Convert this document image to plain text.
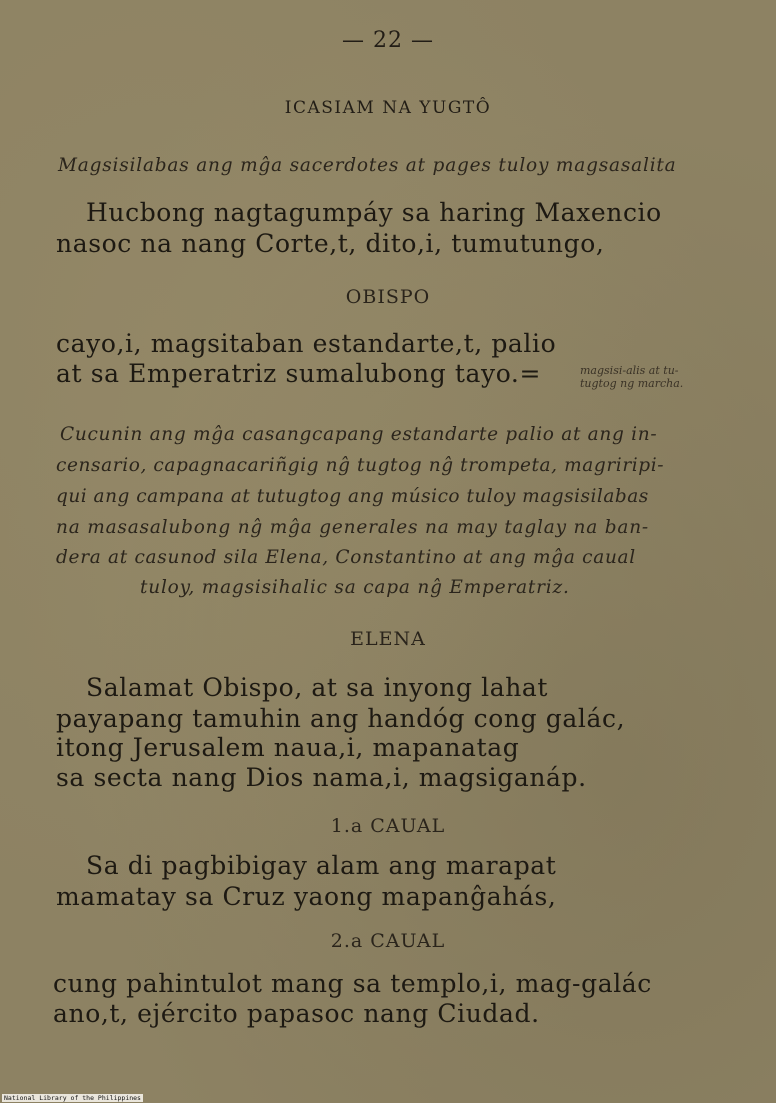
— 22 —
ICASIAM NA YUGTÔ
Magsisilabas ang mĝa sacerdotes at pages tuloy magsasalita
Hucbong nagtagumpáy sa haring Maxencio
nasoc na nang Corte,t, dito,i, tumutungo,
OBISPO
cayo,i, magsitaban estandarte,t, palio
at sa Emperatriz sumalubong tayo.=	magsisi-alis at tu-
tugtog ng marcha.
Cucunin ang mĝa casangcapang estandarte palio at ang in-
censario, capagnacariñgig nĝ tugtog nĝ trompeta, magriripi-
qui ang campana at tutugtog ang músico tuloy magsisilabas
na masasalubong nĝ mĝa generales na may taglay na ban-
dera at casunod sila Elena, Constantino at ang mĝa caual
tuloy, magsisihalic sa capa nĝ Emperatriz.
ELENA
Salamat Obispo, at sa inyong lahat
payapang tamuhin ang handóg cong galác,
itong Jerusalem naua,i, mapanatag
sa secta nang Dios nama,i, magsiganáp.
1.a CAUAL
Sa di pagbibigay alam ang marapat
mamatay sa Cruz yaong mapanĝahás,
2.a CAUAL
cung pahintulot mang sa templo,i, mag-galác
ano,t, ejército papasoc nang Ciudad.
National Library of the Philippines
